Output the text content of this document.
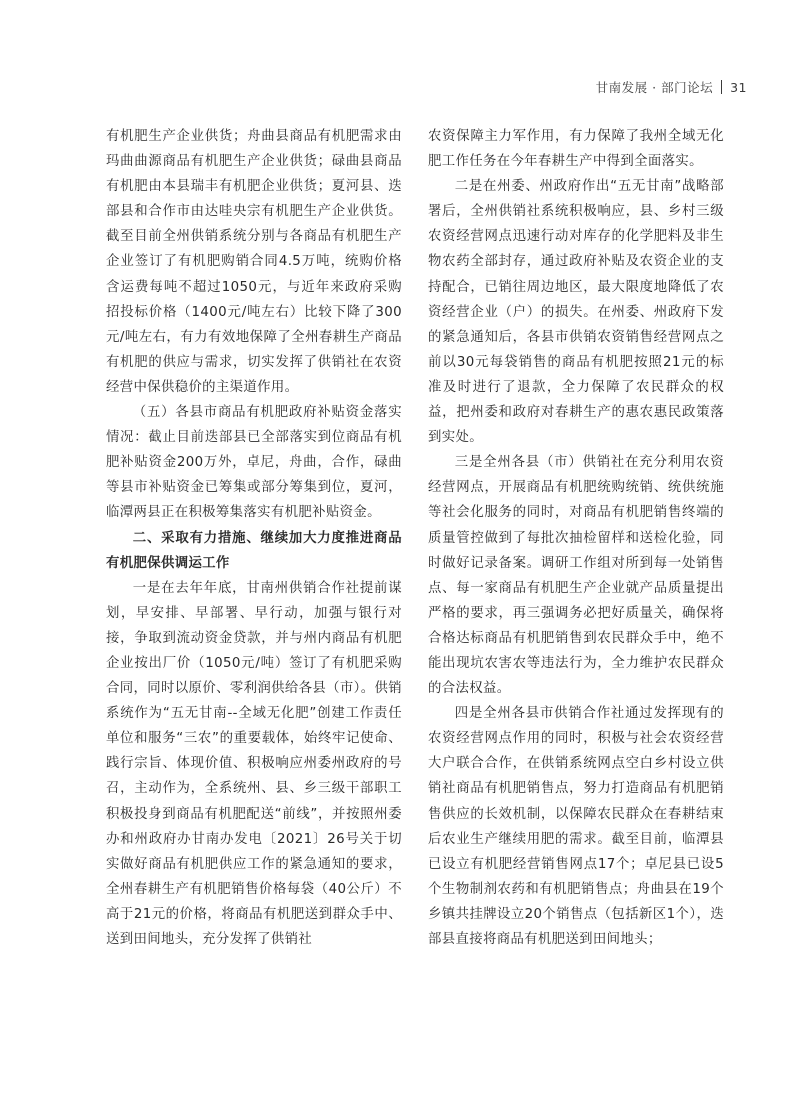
甘南发展 · 部门论坛 31

有机肥生产企业供货；舟曲县商品有机肥需求由玛曲曲源商品有机肥生产企业供货；碌曲县商品有机肥由本县瑞丰有机肥企业供货；夏河县、迭部县和合作市由达哇央宗有机肥生产企业供货。截至目前全州供销系统分别与各商品有机肥生产企业签订了有机肥购销合同4.5万吨，统购价格含运费每吨不超过1050元，与近年来政府采购招投标价格（1400元/吨左右）比较下降了300元/吨左右，有力有效地保障了全州春耕生产商品有机肥的供应与需求，切实发挥了供销社在农资经营中保供稳价的主渠道作用。

（五）各县市商品有机肥政府补贴资金落实情况：截止目前迭部县已全部落实到位商品有机肥补贴资金200万外，卓尼，舟曲，合作，碌曲等县市补贴资金已筹集或部分筹集到位，夏河，临潭两县正在积极筹集落实有机肥补贴资金。

二、采取有力措施、继续加大力度推进商品有机肥保供调运工作

一是在去年年底，甘南州供销合作社提前谋划，早安排、早部署、早行动，加强与银行对接，争取到流动资金贷款，并与州内商品有机肥企业按出厂价（1050元/吨）签订了有机肥采购合同，同时以原价、零利润供给各县（市）。供销系统作为“五无甘南--全域无化肥”创建工作责任单位和服务“三农”的重要载体，始终牢记使命、践行宗旨、体现价值、积极响应州委州政府的号召，主动作为，全系统州、县、乡三级干部职工积极投身到商品有机肥配送“前线”，并按照州委办和州政府办甘南办发电〔2021〕26号关于切实做好商品有机肥供应工作的紧急通知的要求，全州春耕生产有机肥销售价格每袋（40公斤）不高于21元的价格，将商品有机肥送到群众手中、送到田间地头，充分发挥了供销社

农资保障主力军作用，有力保障了我州全域无化肥工作任务在今年春耕生产中得到全面落实。

二是在州委、州政府作出“五无甘南”战略部署后，全州供销社系统积极响应，县、乡村三级农资经营网点迅速行动对库存的化学肥料及非生物农药全部封存，通过政府补贴及农资企业的支持配合，已销往周边地区，最大限度地降低了农资经营企业（户）的损失。在州委、州政府下发的紧急通知后，各县市供销农资销售经营网点之前以30元每袋销售的商品有机肥按照21元的标准及时进行了退款，全力保障了农民群众的权益，把州委和政府对春耕生产的惠农惠民政策落到实处。

三是全州各县（市）供销社在充分利用农资经营网点，开展商品有机肥统购统销、统供统施等社会化服务的同时，对商品有机肥销售终端的质量管控做到了每批次抽检留样和送检化验，同时做好记录备案。调研工作组对所到每一处销售点、每一家商品有机肥生产企业就产品质量提出严格的要求，再三强调务必把好质量关，确保将合格达标商品有机肥销售到农民群众手中，绝不能出现坑农害农等违法行为，全力维护农民群众的合法权益。

四是全州各县市供销合作社通过发挥现有的农资经营网点作用的同时，积极与社会农资经营大户联合合作，在供销系统网点空白乡村设立供销社商品有机肥销售点，努力打造商品有机肥销售供应的长效机制，以保障农民群众在春耕结束后农业生产继续用肥的需求。截至目前，临潭县已设立有机肥经营销售网点17个；卓尼县已设5个生物制剂农药和有机肥销售点；舟曲县在19个乡镇共挂牌设立20个销售点（包括新区1个），迭部县直接将商品有机肥送到田间地头；
